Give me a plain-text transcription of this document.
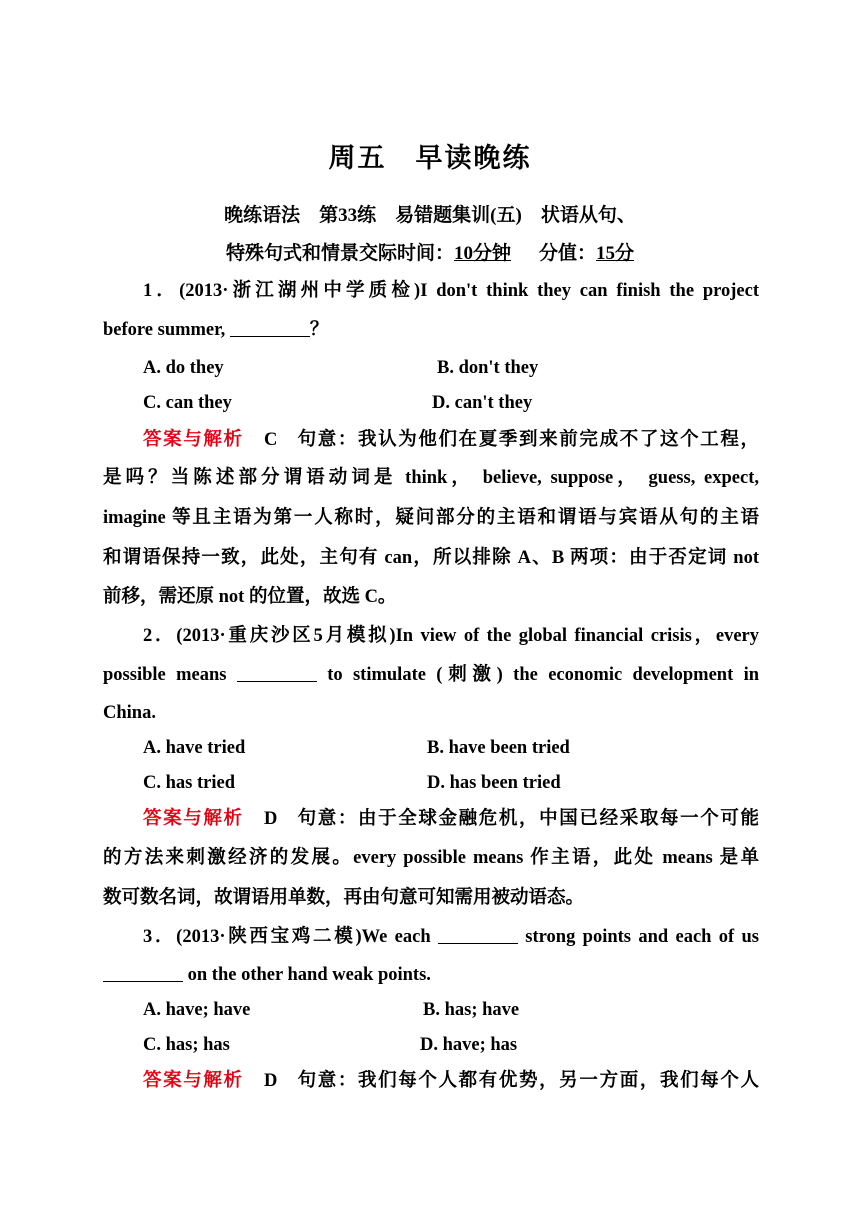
周五　早读晚练
晚练语法　第33练　易错题集训(五)　状语从句、
特殊句式和情景交际时间：10分钟 分值：15分
1．(2013·浙江湖州中学质检)I don't think they can finish the project
before summer,	？
A. do they	B. don't they
C. can they	D. can't they
答案与解析 C 句意：我认为他们在夏季到来前完成不了这个工程，
是吗？当陈述部分谓语动词是 think， believe, suppose， guess, expect,
imagine 等且主语为第一人称时，疑问部分的主语和谓语与宾语从句的主语
和谓语保持一致，此处，主句有 can，所以排除 A、B 两项：由于否定词 not
前移，需还原 not 的位置，故选 C。
2．(2013·重庆沙区5月模拟)In view of the global financial crisis，every
possible means	to stimulate (刺激) the economic development in
China.
A. have tried	B. have been tried
C. has tried	D. has been tried
答案与解析 D 句意：由于全球金融危机，中国已经采取每一个可能
的方法来刺激经济的发展。every possible means 作主语，此处 means 是单
数可数名词，故谓语用单数，再由句意可知需用被动语态。
3．(2013·陕西宝鸡二模)We each	strong points and each of us
on the other hand weak points.
A. have; have	B. has; have
C. has; has	D. have; has
答案与解析 D 句意：我们每个人都有优势，另一方面，我们每个人
